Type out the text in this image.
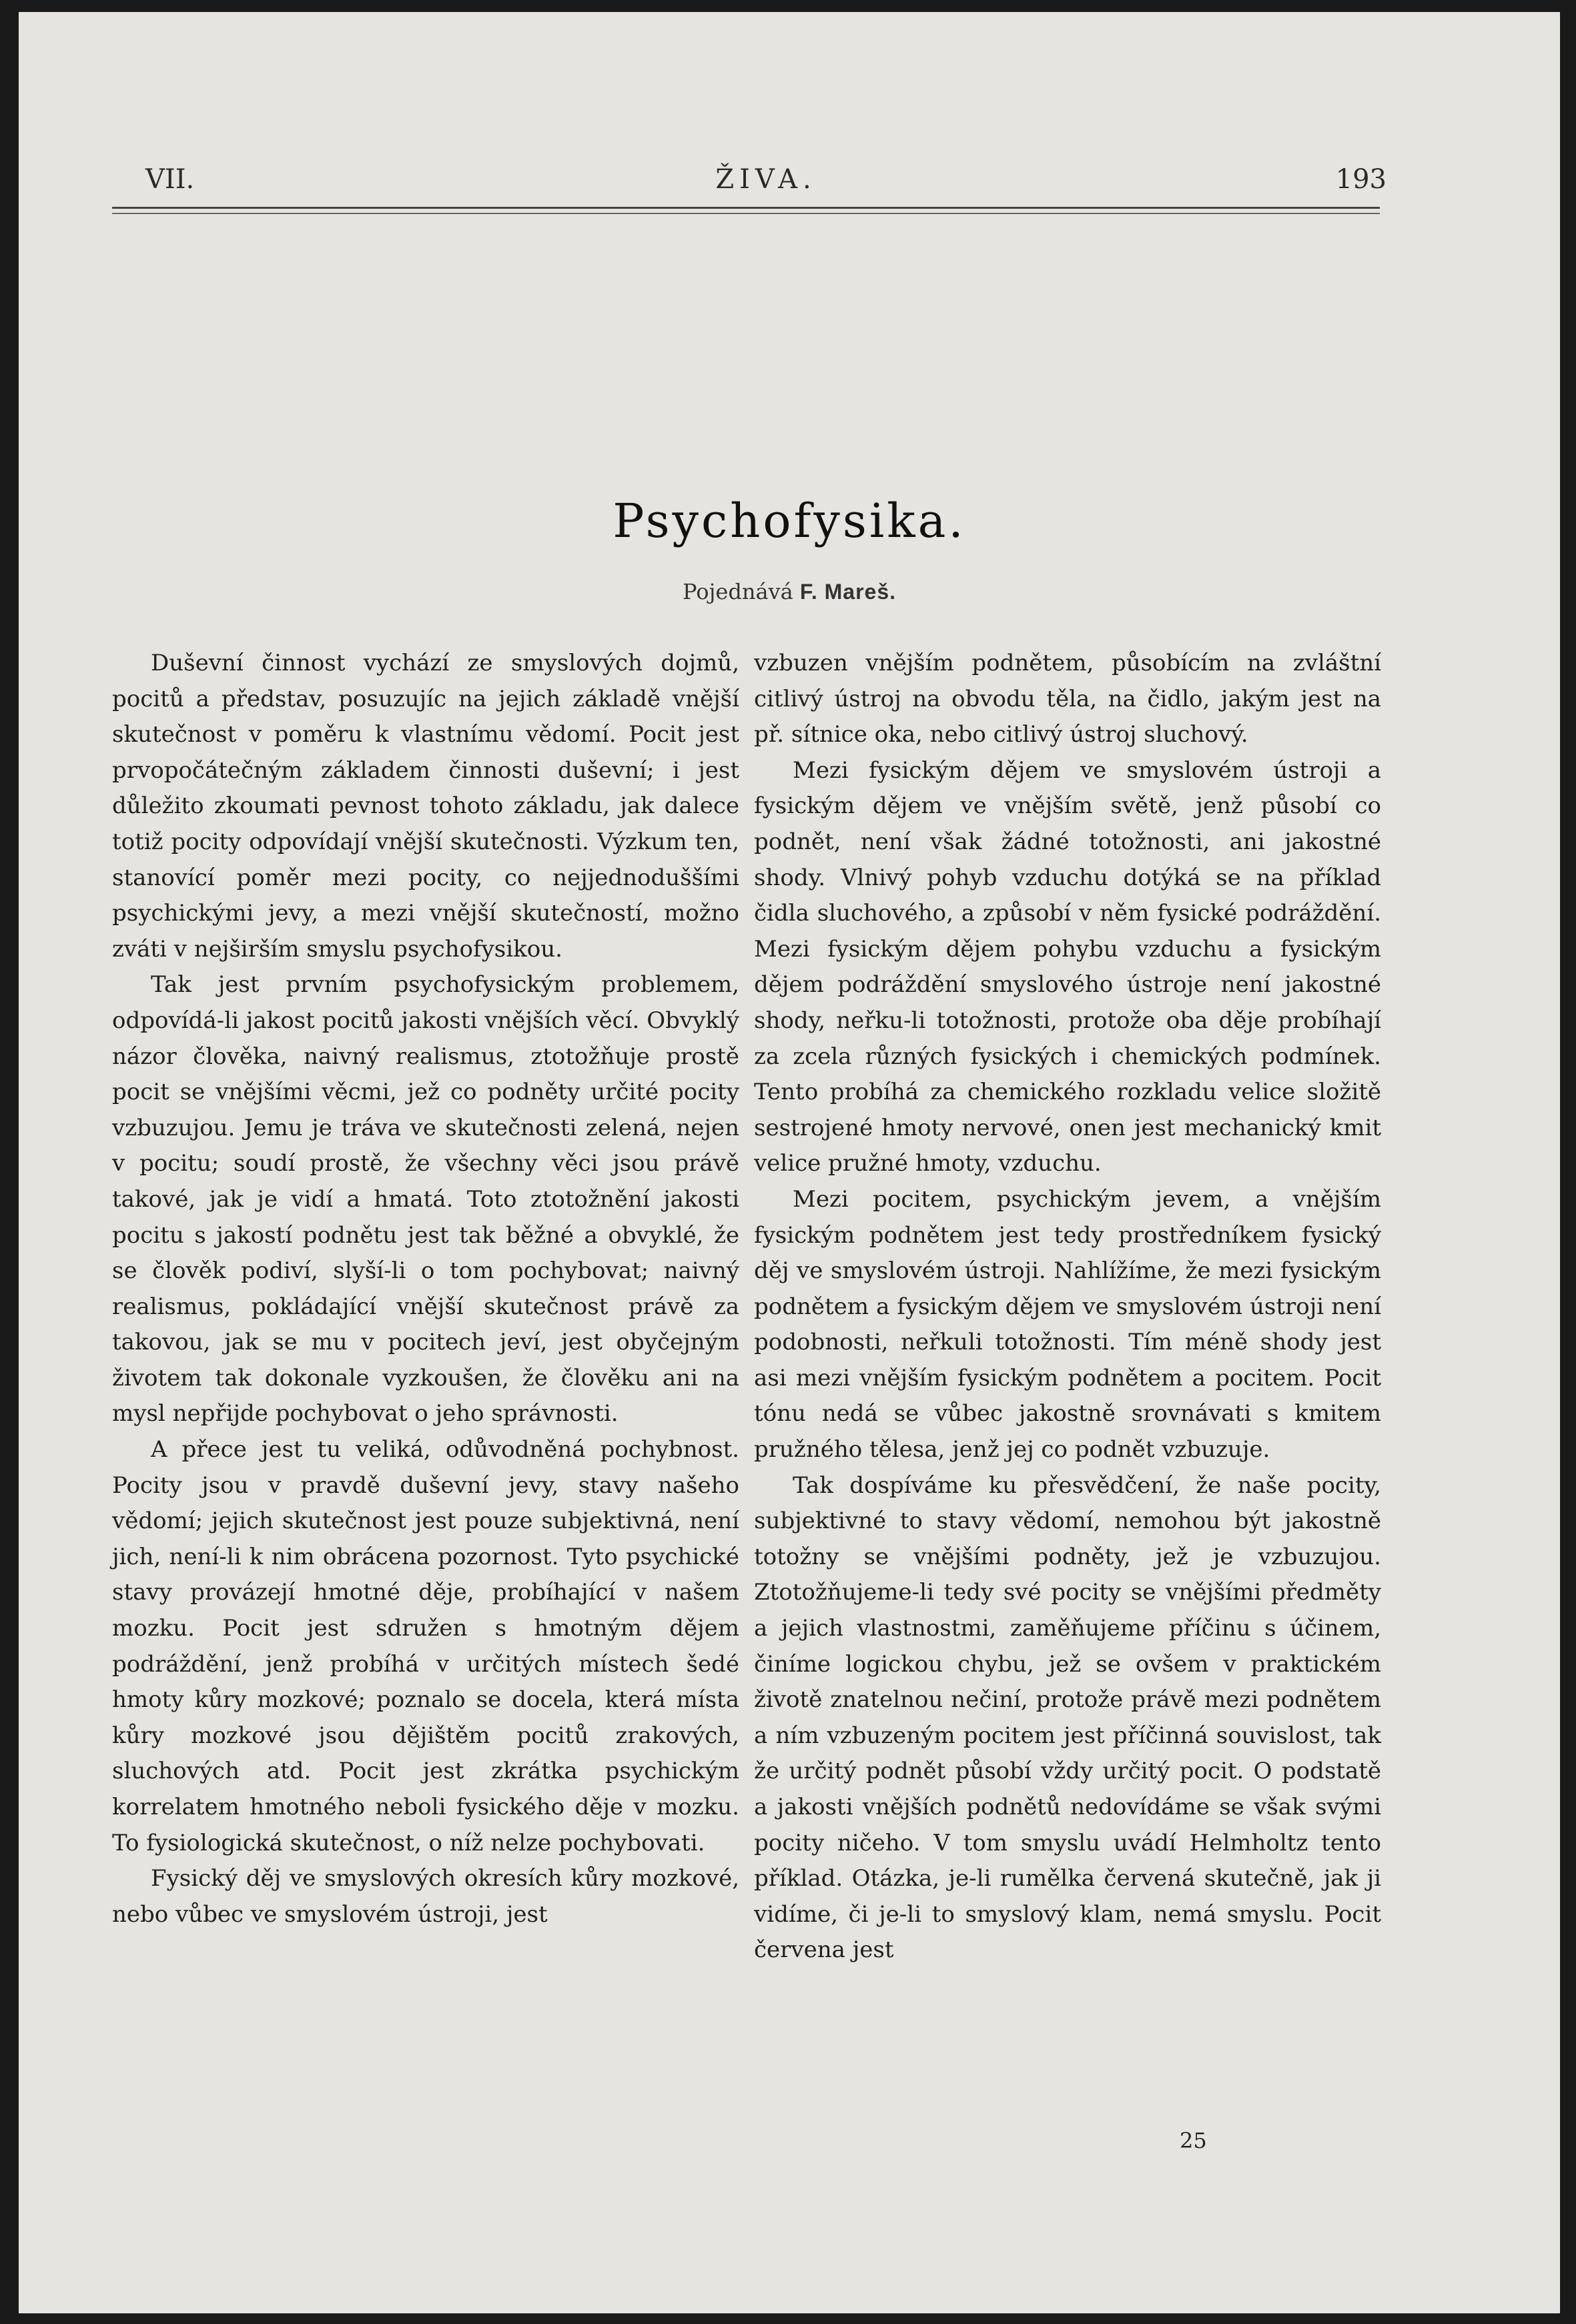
VII.	ŽIVA.	193
Psychofysika.
Pojednává F. Mareš.

Duševní činnost vychází ze smyslových dojmů, pocitů a představ, posuzujíc na jejich základě vnější skutečnost v poměru k vlastnímu vědomí. Pocit jest prvopočátečným základem činnosti duševní; i jest důležito zkoumati pevnost tohoto základu, jak dalece totiž pocity odpovídají vnější skutečnosti. Výzkum ten, stanovící poměr mezi pocity, co nejjednoduššími psychickými jevy, a mezi vnější skutečností, možno zváti v nejširším smyslu psychofysikou.

Tak jest prvním psychofysickým problemem, odpovídá-li jakost pocitů jakosti vnějších věcí. Obvyklý názor člověka, naivný realismus, ztotožňuje prostě pocit se vnějšími věcmi, jež co podněty určité pocity vzbuzujou. Jemu je tráva ve skutečnosti zelená, nejen v pocitu; soudí prostě, že všechny věci jsou právě takové, jak je vidí a hmatá. Toto ztotožnění jakosti pocitu s jakostí podnětu jest tak běžné a obvyklé, že se člověk podiví, slyší-li o tom pochybovat; naivný realismus, pokládající vnější skutečnost právě za takovou, jak se mu v pocitech jeví, jest obyčejným životem tak dokonale vyzkoušen, že člověku ani na mysl nepřijde pochybovat o jeho správnosti.

A přece jest tu veliká, odůvodněná pochybnost. Pocity jsou v pravdě duševní jevy, stavy našeho vědomí; jejich skutečnost jest pouze subjektivná, není jich, není-li k nim obrácena pozornost. Tyto psychické stavy provázejí hmotné děje, probíhající v našem mozku. Pocit jest sdružen s hmotným dějem podráždění, jenž probíhá v určitých místech šedé hmoty kůry mozkové; poznalo se docela, která místa kůry mozkové jsou dějištěm pocitů zrakových, sluchových atd. Pocit jest zkrátka psychickým korrelatem hmotného neboli fysického děje v mozku. To fysiologická skutečnost, o níž nelze pochybovati.

Fysický děj ve smyslových okresích kůry mozkové, nebo vůbec ve smyslovém ústroji, jest

vzbuzen vnějším podnětem, působícím na zvláštní citlivý ústroj na obvodu těla, na čidlo, jakým jest na př. sítnice oka, nebo citlivý ústroj sluchový.

Mezi fysickým dějem ve smyslovém ústroji a fysickým dějem ve vnějším světě, jenž působí co podnět, není však žádné totožnosti, ani jakostné shody. Vlnivý pohyb vzduchu dotýká se na příklad čidla sluchového, a způsobí v něm fysické podráždění. Mezi fysickým dějem pohybu vzduchu a fysickým dějem podráždění smyslového ústroje není jakostné shody, neřku-li totožnosti, protože oba děje probíhají za zcela různých fysických i chemických podmínek. Tento probíhá za chemického rozkladu velice složitě sestrojené hmoty nervové, onen jest mechanický kmit velice pružné hmoty, vzduchu.

Mezi pocitem, psychickým jevem, a vnějším fysickým podnětem jest tedy prostředníkem fysický děj ve smyslovém ústroji. Nahlížíme, že mezi fysickým podnětem a fysickým dějem ve smyslovém ústroji není podobnosti, neřkuli totožnosti. Tím méně shody jest asi mezi vnějším fysickým podnětem a pocitem. Pocit tónu nedá se vůbec jakostně srovnávati s kmitem pružného tělesa, jenž jej co podnět vzbuzuje.

Tak dospíváme ku přesvědčení, že naše pocity, subjektivné to stavy vědomí, nemohou být jakostně totožny se vnějšími podněty, jež je vzbuzujou. Ztotožňujeme-li tedy své pocity se vnějšími předměty a jejich vlastnostmi, zaměňujeme příčinu s účinem, činíme logickou chybu, jež se ovšem v praktickém životě znatelnou nečiní, protože právě mezi podnětem a ním vzbuzeným pocitem jest příčinná souvislost, tak že určitý podnět působí vždy určitý pocit. O podstatě a jakosti vnějších podnětů nedovídáme se však svými pocity ničeho. V tom smyslu uvádí Helmholtz tento příklad. Otázka, je-li rumělka červená skutečně, jak ji vidíme, či je-li to smyslový klam, nemá smyslu. Pocit červena jest

25
